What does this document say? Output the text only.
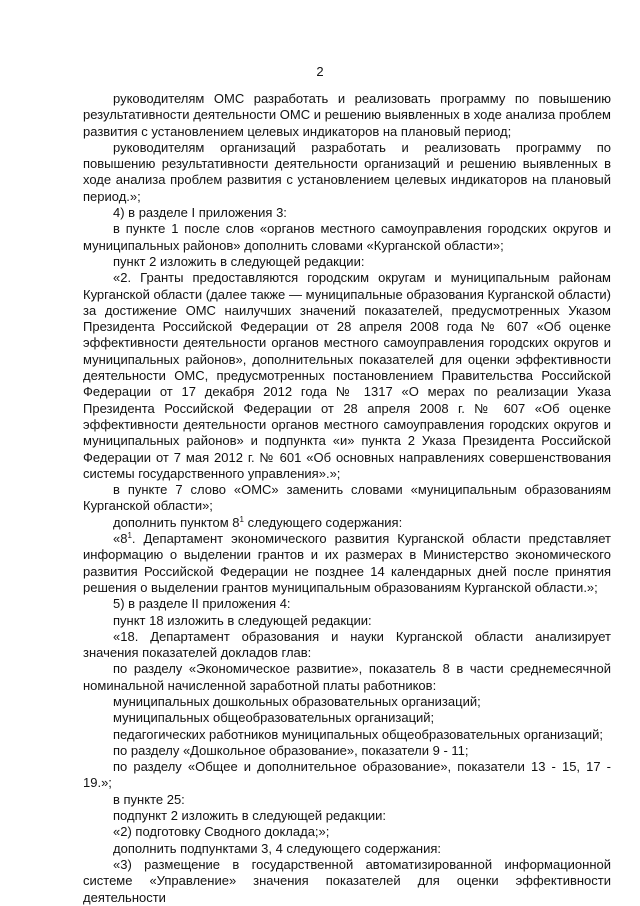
2

руководителям ОМС разработать и реализовать программу по повышению результативности деятельности ОМС и решению выявленных в ходе анализа проблем развития с установлением целевых индикаторов на плановый период;

руководителям организаций разработать и реализовать программу по повышению результативности деятельности организаций и решению выявленных в ходе анализа проблем развития с установлением целевых индикаторов на плановый период.»;

4) в разделе I приложения 3:

в пункте 1 после слов «органов местного самоуправления городских округов и муниципальных районов» дополнить словами «Курганской области»;

пункт 2 изложить в следующей редакции:

«2. Гранты предоставляются городским округам и муниципальным районам Курганской области (далее также — муниципальные образования Курганской области) за достижение ОМС наилучших значений показателей, предусмотренных Указом Президента Российской Федерации от 28 апреля 2008 года № 607 «Об оценке эффективности деятельности органов местного самоуправления городских округов и муниципальных районов», дополнительных показателей для оценки эффективности деятельности ОМС, предусмотренных постановлением Правительства Российской Федерации от 17 декабря 2012 года № 1317 «О мерах по реализации Указа Президента Российской Федерации от 28 апреля 2008 г. № 607 «Об оценке эффективности деятельности органов местного самоуправления городских округов и муниципальных районов» и подпункта «и» пункта 2 Указа Президента Российской Федерации от 7 мая 2012 г. № 601 «Об основных направлениях совершенствования системы государственного управления».»;

в пункте 7 слово «ОМС» заменить словами «муниципальным образованиям Курганской области»;

дополнить пунктом $8^1$ следующего содержания:

«$8^1$. Департамент экономического развития Курганской области представляет информацию о выделении грантов и их размерах в Министерство экономического развития Российской Федерации не позднее 14 календарных дней после принятия решения о выделении грантов муниципальным образованиям Курганской области.»;

5) в разделе II приложения 4:

пункт 18 изложить в следующей редакции:

«18. Департамент образования и науки Курганской области анализирует значения показателей докладов глав:

по разделу «Экономическое развитие», показатель 8 в части среднемесячной номинальной начисленной заработной платы работников:

муниципальных дошкольных образовательных организаций;

муниципальных общеобразовательных организаций;

педагогических работников муниципальных общеобразовательных организаций;

по разделу «Дошкольное образование», показатели 9 - 11;

по разделу «Общее и дополнительное образование», показатели 13 - 15, 17 - 19.»;

в пункте 25:

подпункт 2 изложить в следующей редакции:

«2) подготовку Сводного доклада;»;

дополнить подпунктами 3, 4 следующего содержания:

«3) размещение в государственной автоматизированной информационной системе «Управление» значения показателей для оценки эффективности деятельности
